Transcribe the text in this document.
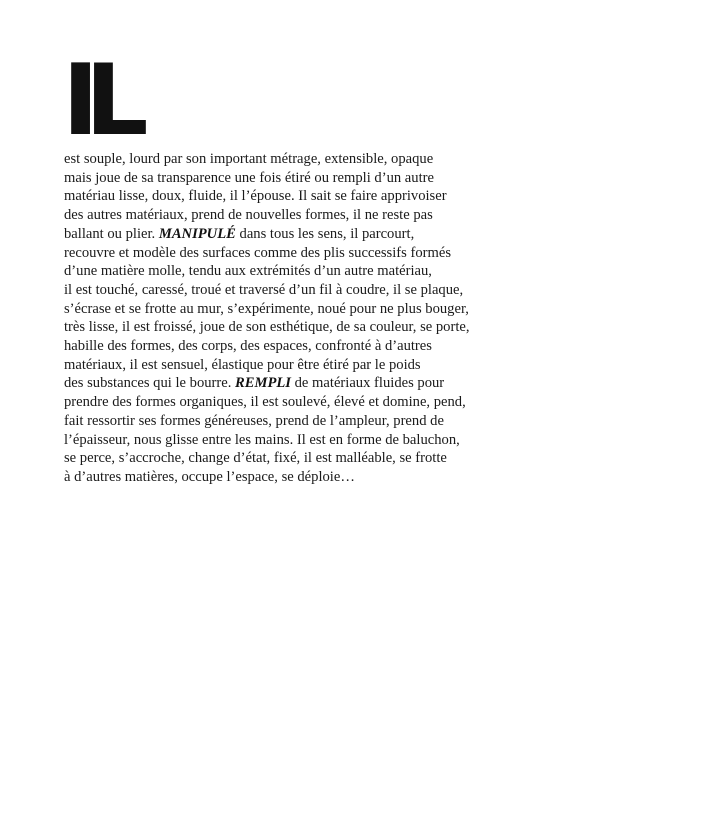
IL

est souple, lourd par son important métrage, extensible, opaque
mais joue de sa transparence une fois étiré ou rempli d’un autre
matériau lisse, doux, fluide, il l’épouse. Il sait se faire apprivoiser
des autres matériaux, prend de nouvelles formes, il ne reste pas
ballant ou plier. MANIPULÉ dans tous les sens, il parcourt,
recouvre et modèle des surfaces comme des plis successifs formés
d’une matière molle, tendu aux extrémités d’un autre matériau,
il est touché, caressé, troué et traversé d’un fil à coudre, il se plaque,
s’écrase et se frotte au mur, s’expérimente, noué pour ne plus bouger,
très lisse, il est froissé, joue de son esthétique, de sa couleur, se porte,
habille des formes, des corps, des espaces, confronté à d’autres
matériaux, il est sensuel, élastique pour être étiré par le poids
des substances qui le bourre. REMPLI de matériaux fluides pour
prendre des formes organiques, il est soulevé, élevé et domine, pend,
fait ressortir ses formes généreuses, prend de l’ampleur, prend de
l’épaisseur, nous glisse entre les mains. Il est en forme de baluchon,
se perce, s’accroche, change d’état, fixé, il est malléable, se frotte
à d’autres matières, occupe l’espace, se déploie…
